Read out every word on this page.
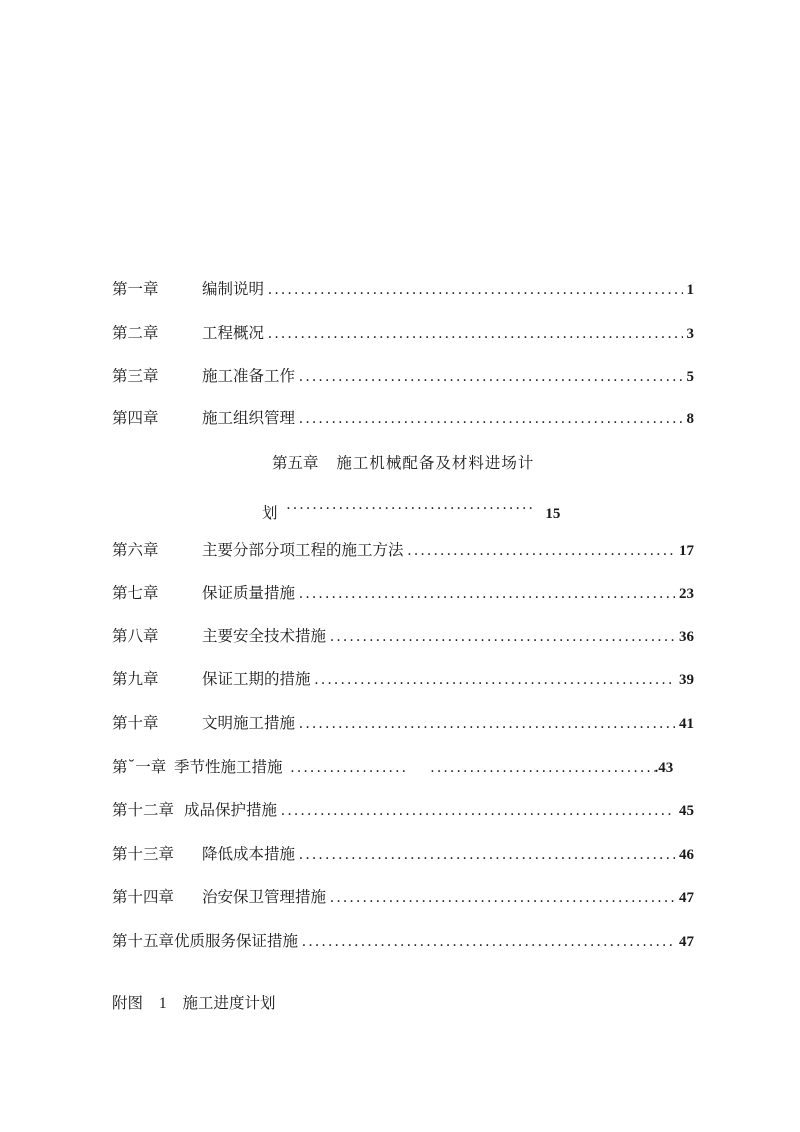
第一章	编制说明 . . .	1
第二章	工程概况 . . .	3
第三章	施工准备工作 . . .	5
第四章	施工组织管理 . . .	8
第五章 施工机械配备及材料进场计
划 . . .	15
第六章	主要分部分项工程的施工方法 . . .	17
第七章	保证质量措施 . . .	23
第八章	主要安全技术措施 . . .	36
第九章	保证工期的措施 . . .	39
第十章	文明施工措施 . . .	41
第˘一章 季节性施工措施 . . . . . .	.43
第十二章 成品保护措施 . . .	45
第十三章	降低成本措施 . . .	46
第十四章	治安保卫管理措施 . . .	47
第十五章 优质服务保证措施 . . .	47
附图 1 施工进度计划
